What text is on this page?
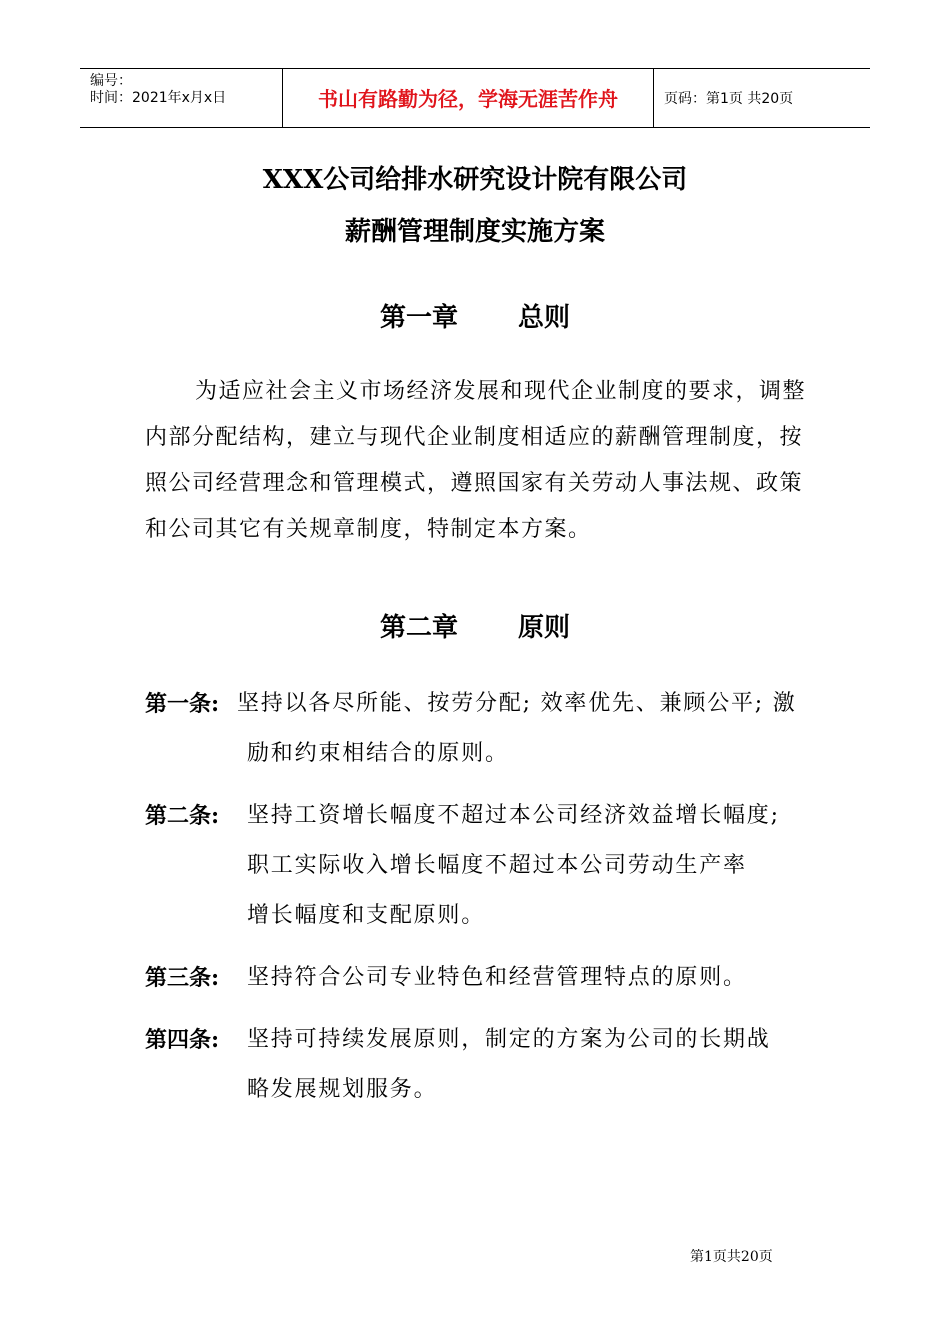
编号：
时间：2021年x月x日	书山有路勤为径，学海无涯苦作舟	页码：第1页 共20页
XXX公司给排水研究设计院有限公司
薪酬管理制度实施方案
第一章 总则
为适应社会主义市场经济发展和现代企业制度的要求，调整内部分配结构，建立与现代企业制度相适应的薪酬管理制度，按照公司经营理念和管理模式，遵照国家有关劳动人事法规、政策和公司其它有关规章制度，特制定本方案。
第二章 原则
第一条: 坚持以各尽所能、按劳分配; 效率优先、兼顾公平; 激
励和约束相结合的原则。
第二条: 坚持工资增长幅度不超过本公司经济效益增长幅度;
职工实际收入增长幅度不超过本公司劳动生产率
增长幅度和支配原则。
第三条: 坚持符合公司专业特色和经营管理特点的原则。
第四条: 坚持可持续发展原则，制定的方案为公司的长期战
略发展规划服务。
第1页共20页
